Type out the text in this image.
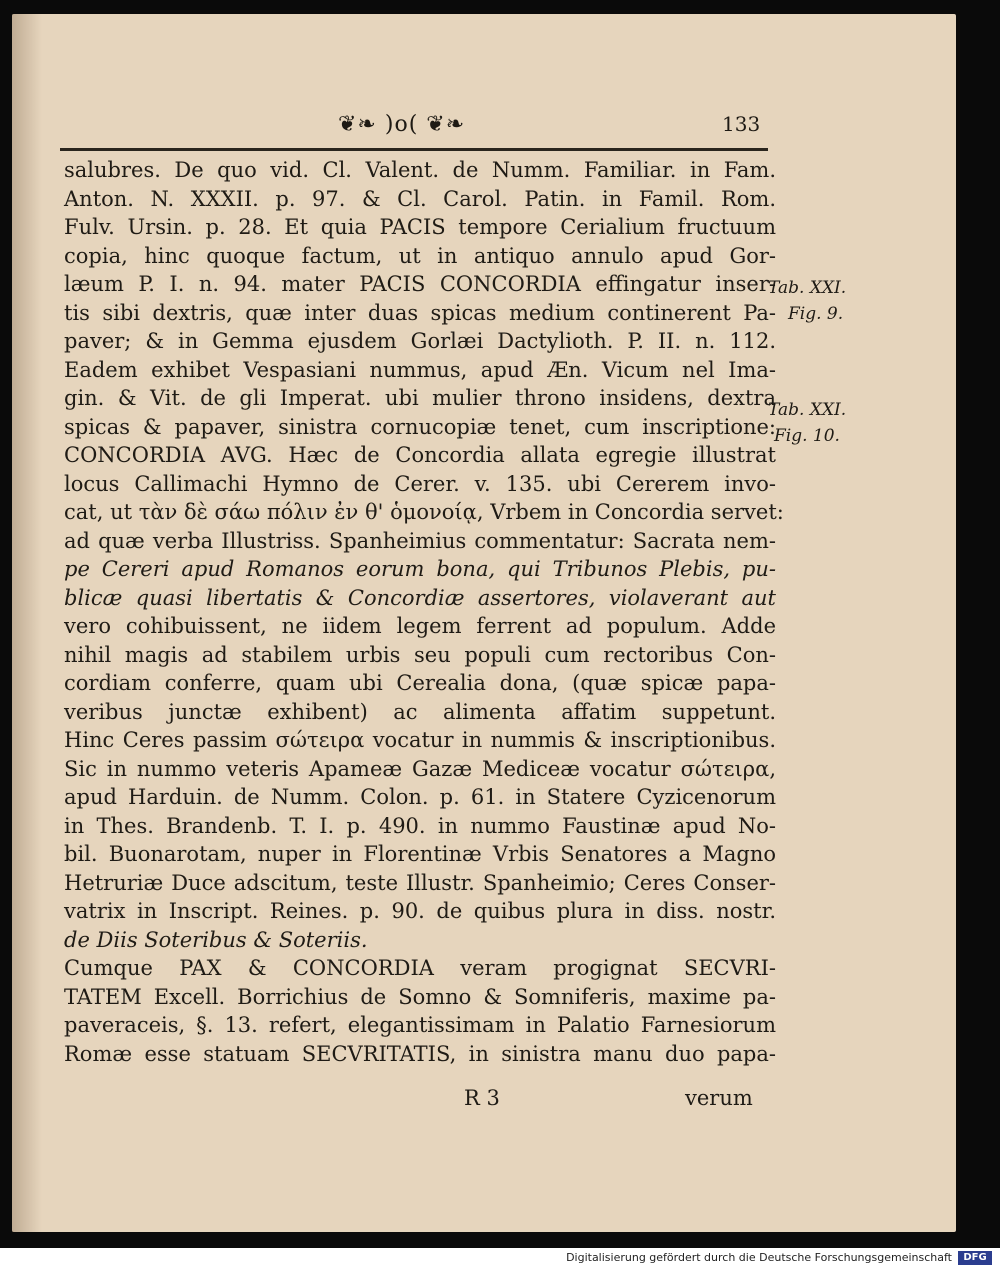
❦❧ )o( ❦❧	133
salubres. De quo vid. Cl. Valent. de Numm. Familiar. in Fam.
Anton. N. XXXII. p. 97. & Cl. Carol. Patin. in Famil. Rom.
Fulv. Ursin. p. 28. Et quia PACIS tempore Cerialium fructuum
copia, hinc quoque factum, ut in antiquo annulo apud Gor-
læum P. I. n. 94. mater PACIS CONCORDIA effingatur inser-
tis sibi dextris, quæ inter duas spicas medium continerent Pa-
paver; & in Gemma ejusdem Gorlæi Dactylioth. P. II. n. 112.
Eadem exhibet Vespasiani nummus, apud Æn. Vicum nel Ima-
gin. & Vit. de gli Imperat. ubi mulier throno insidens, dextra
spicas & papaver, sinistra cornucopiæ tenet, cum inscriptione:
CONCORDIA AVG. Hæc de Concordia allata egregie illustrat
locus Callimachi Hymno de Cerer. v. 135. ubi Cererem invo-
cat, ut τὰν δὲ σάω πόλιν ἐν θ' ὁμονοίᾳ, Vrbem in Concordia servet:
ad quæ verba Illustriss. Spanheimius commentatur: Sacrata nem-
pe Cereri apud Romanos eorum bona, qui Tribunos Plebis, pu-
blicæ quasi libertatis & Concordiæ assertores, violaverant aut
vero cohibuissent, ne iidem legem ferrent ad populum. Adde
nihil magis ad stabilem urbis seu populi cum rectoribus Con-
cordiam conferre, quam ubi Cerealia dona, (quæ spicæ papa-
veribus junctæ exhibent) ac alimenta affatim suppetunt.
Hinc Ceres passim σώτειρα vocatur in nummis & inscriptionibus.
Sic in nummo veteris Apameæ Gazæ Mediceæ vocatur σώτειρα,
apud Harduin. de Numm. Colon. p. 61. in Statere Cyzicenorum
in Thes. Brandenb. T. I. p. 490. in nummo Faustinæ apud No-
bil. Buonarotam, nuper in Florentinæ Vrbis Senatores a Magno
Hetruriæ Duce adscitum, teste Illustr. Spanheimio; Ceres Conser-
vatrix in Inscript. Reines. p. 90. de quibus plura in diss. nostr.
de Diis Soteribus & Soteriis.
Cumque PAX & CONCORDIA veram progignat SECVRI-
TATEM Excell. Borrichius de Somno & Somniferis, maxime pa-
paveraceis, §. 13. refert, elegantissimam in Palatio Farnesiorum
Romæ esse statuam SECVRITATIS, in sinistra manu duo papa-
Tab. XXI.
Fig. 9.
Tab. XXI.
Fig. 10.
R 3	verum
Digitalisierung gefördert durch die Deutsche Forschungsgemeinschaft	DFG
